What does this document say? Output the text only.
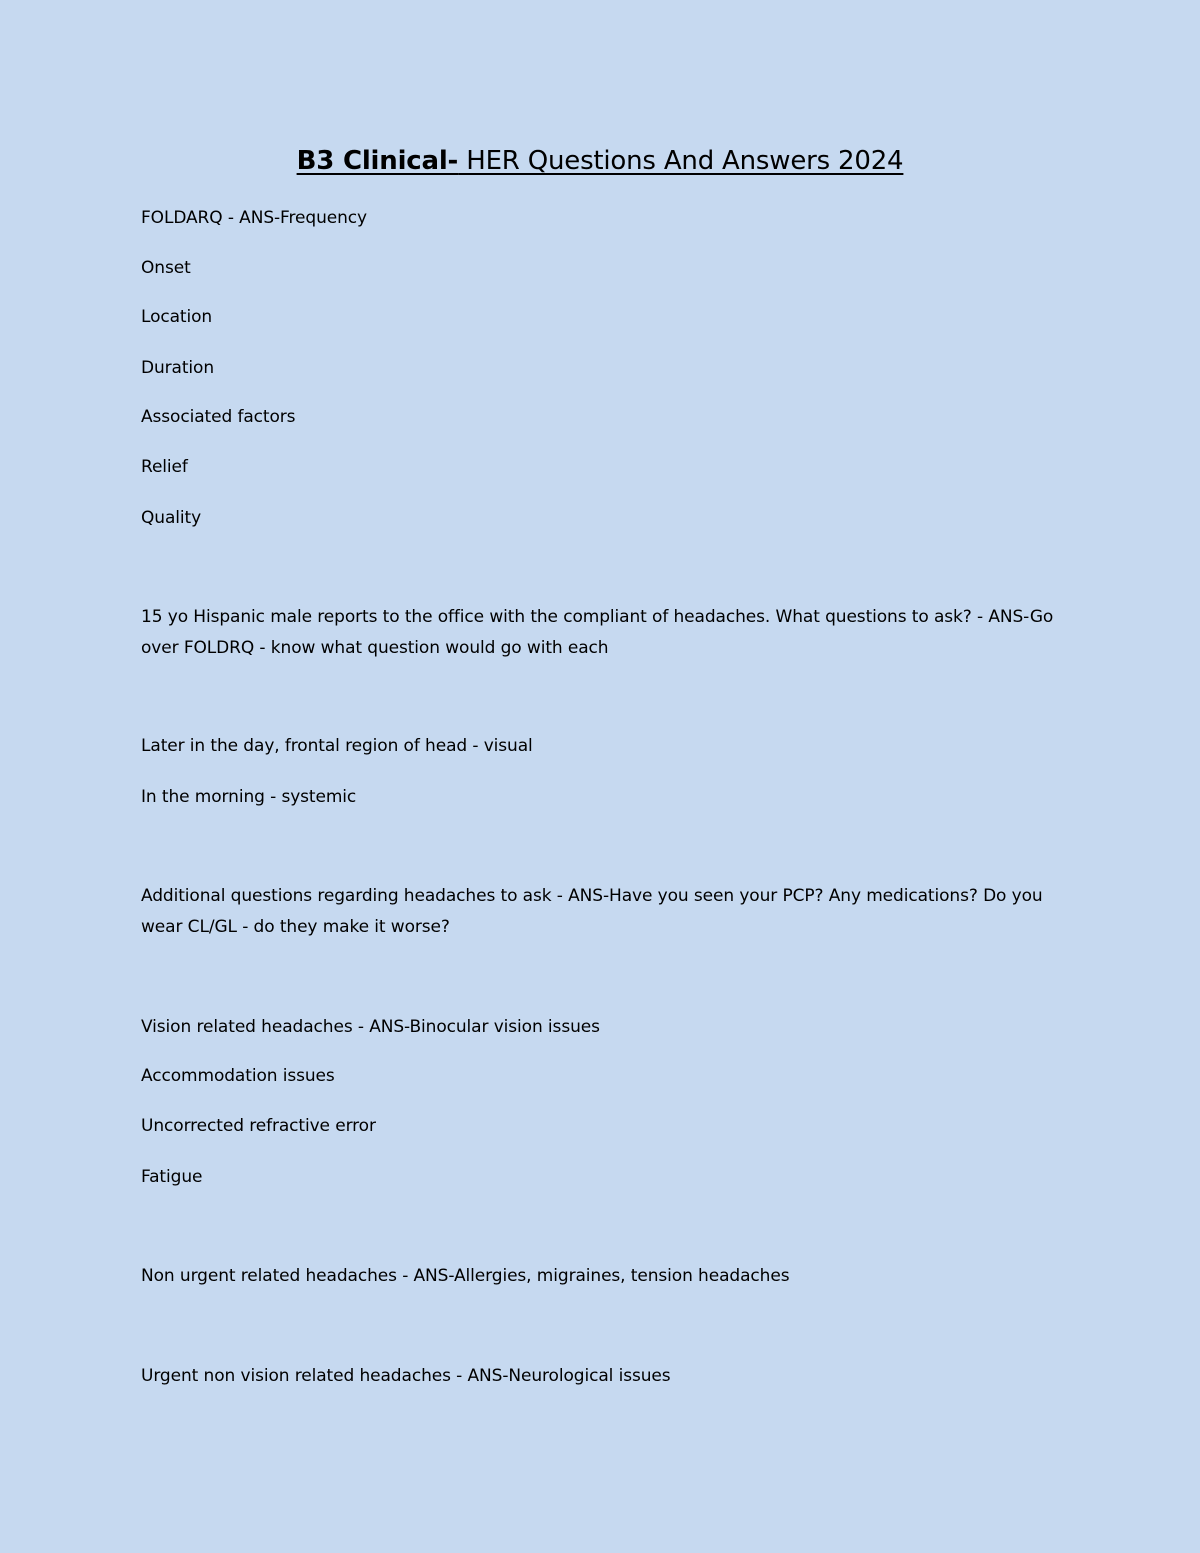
B3 Clinical- HER Questions And Answers 2024
FOLDARQ - ANS-Frequency
Onset
Location
Duration
Associated factors
Relief
Quality
15 yo Hispanic male reports to the office with the compliant of headaches. What questions to ask? - ANS-Go over FOLDRQ - know what question would go with each
Later in the day, frontal region of head - visual
In the morning - systemic
Additional questions regarding headaches to ask - ANS-Have you seen your PCP? Any medications? Do you wear CL/GL - do they make it worse?
Vision related headaches - ANS-Binocular vision issues
Accommodation issues
Uncorrected refractive error
Fatigue
Non urgent related headaches - ANS-Allergies, migraines, tension headaches
Urgent non vision related headaches - ANS-Neurological issues
